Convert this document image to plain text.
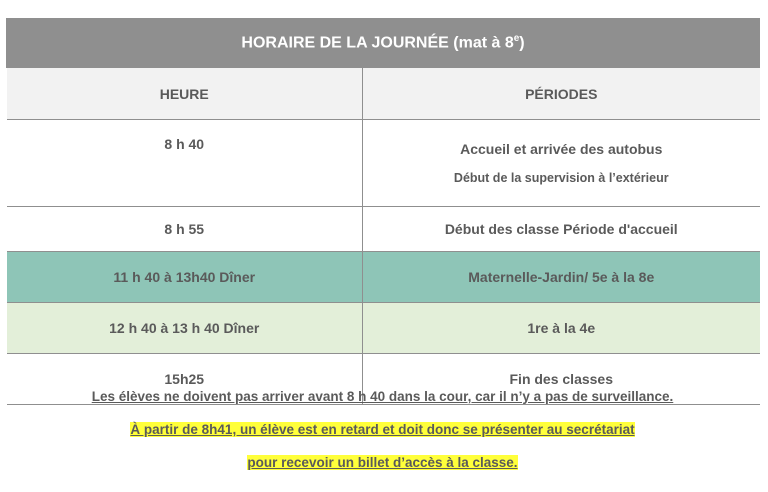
HORAIRE DE LA JOURNÉE (mat à 8e)	
HEURE	PÉRIODES
8 h 40	Accueil et arrivée des autobus
Début de la supervision à l’extérieur

8 h 55	Début des classe Période d'accueil
11 h 40 à 13h40 Dîner	Maternelle-Jardin/ 5e à la 8e
12 h 40 à 13 h 40 Dîner	1re à la 4e
15h25	Fin des classes
Les élèves ne doivent pas arriver avant 8 h 40 dans la cour, car il n’y a pas de surveillance.
À partir de 8h41, un élève est en retard et doit donc se présenter au secrétariat
pour recevoir un billet d’accès à la classe.
